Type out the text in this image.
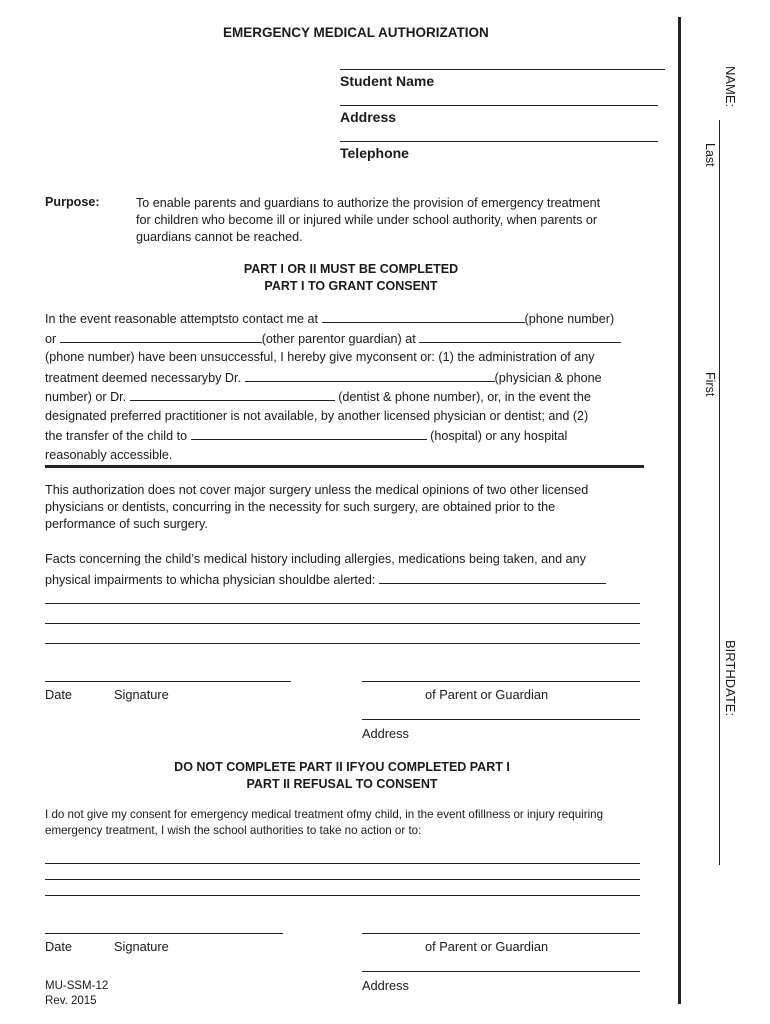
EMERGENCY MEDICAL AUTHORIZATION
Student Name
Address
Telephone
Purpose:	To enable parents and guardians to authorize the provision of emergency treatment
for children who become ill or injured while under school authority, when parents or
guardians cannot be reached.
PART I OR II MUST BE COMPLETED
PART I TO GRANT CONSENT
In the event reasonable attemptsto contact me at	(phone number)
or	(other parentor guardian) at
(phone number) have been unsuccessful, I hereby give myconsent or: (1) the administration of any
treatment deemed necessaryby Dr.	(physician & phone
number) or Dr.	(dentist & phone number), or, in the event the
designated preferred practitioner is not available, by another licensed physician or dentist; and (2)
the transfer of the child to	(hospital) or any hospital
reasonably accessible.
This authorization does not cover major surgery unless the medical opinions of two other licensed
physicians or dentists, concurring in the necessity for such surgery, are obtained prior to the
performance of such surgery.
Facts concerning the child’s medical history including allergies, medications being taken, and any
physical impairments to whicha physician shouldbe alerted:
Date	Signature	of Parent or Guardian
Address
DO NOT COMPLETE PART II IFYOU COMPLETED PART I
PART II REFUSAL TO CONSENT
I do not give my consent for emergency medical treatment ofmy child, in the event ofillness or injury requiring
emergency treatment, I wish the school authorities to take no action or to:
Date	Signature	of Parent or Guardian
Address
MU-SSM-12
Rev. 2015
NAME:
Last
First
BIRTHDATE:
